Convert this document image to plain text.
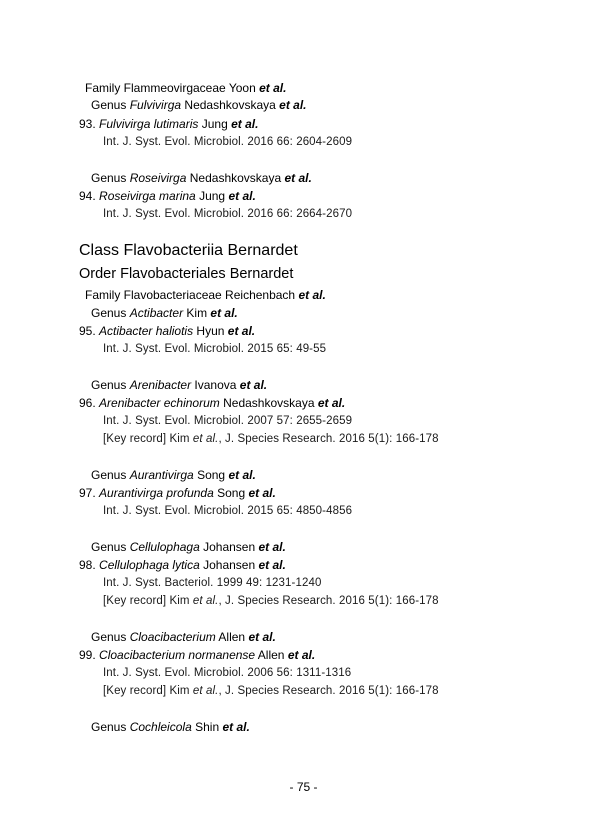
Family Flammeovirgaceae Yoon et al.
Genus Fulvivirga Nedashkovskaya et al.
93. Fulvivirga lutimaris Jung et al.
Int. J. Syst. Evol. Microbiol. 2016 66: 2604-2609
Genus Roseivirga Nedashkovskaya et al.
94. Roseivirga marina Jung et al.
Int. J. Syst. Evol. Microbiol. 2016 66: 2664-2670
Class Flavobacteriia Bernardet
Order Flavobacteriales Bernardet
Family Flavobacteriaceae Reichenbach et al.
Genus Actibacter Kim et al.
95. Actibacter haliotis Hyun et al.
Int. J. Syst. Evol. Microbiol. 2015 65: 49-55
Genus Arenibacter Ivanova et al.
96. Arenibacter echinorum Nedashkovskaya et al.
Int. J. Syst. Evol. Microbiol. 2007 57: 2655-2659
[Key record] Kim et al., J. Species Research. 2016 5(1): 166-178
Genus Aurantivirga Song et al.
97. Aurantivirga profunda Song et al.
Int. J. Syst. Evol. Microbiol. 2015 65: 4850-4856
Genus Cellulophaga Johansen et al.
98. Cellulophaga lytica Johansen et al.
Int. J. Syst. Bacteriol. 1999 49: 1231-1240
[Key record] Kim et al., J. Species Research. 2016 5(1): 166-178
Genus Cloacibacterium Allen et al.
99. Cloacibacterium normanense Allen et al.
Int. J. Syst. Evol. Microbiol. 2006 56: 1311-1316
[Key record] Kim et al., J. Species Research. 2016 5(1): 166-178
Genus Cochleicola Shin et al.
- 75 -
